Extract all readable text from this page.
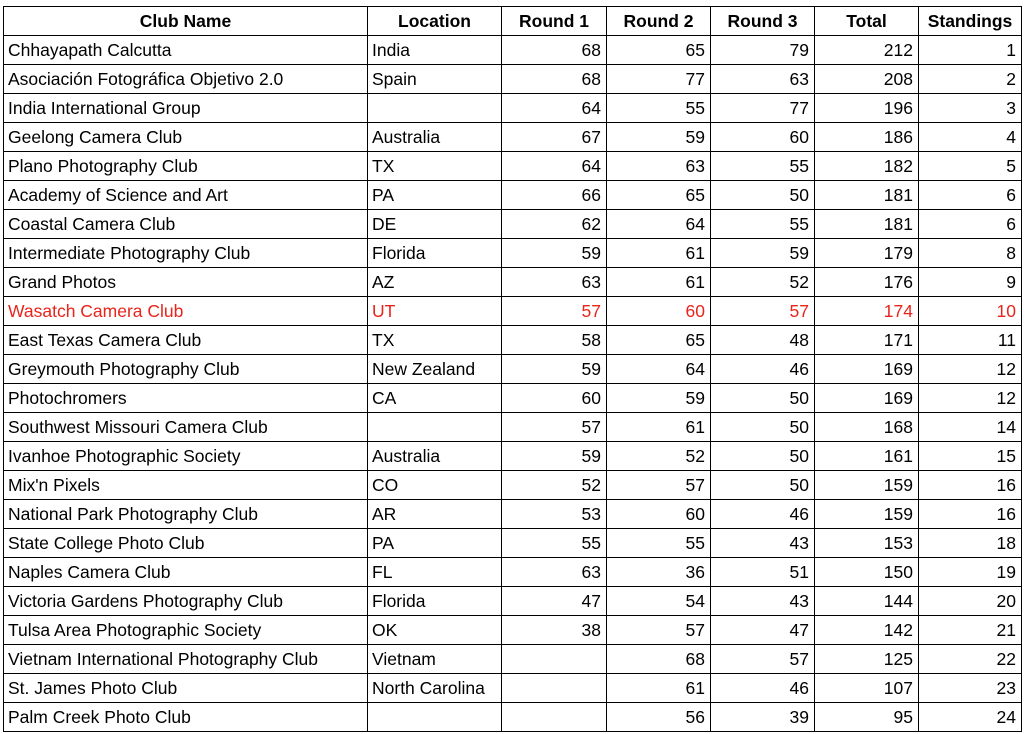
Club Name	Location	Round 1	Round 2	Round 3	Total	Standings
Chhayapath Calcutta	India	68	65	79	212	1
Asociación Fotográfica Objetivo 2.0	Spain	68	77	63	208	2
India International Group		64	55	77	196	3
Geelong Camera Club	Australia	67	59	60	186	4
Plano Photography Club	TX	64	63	55	182	5
Academy of Science and Art	PA	66	65	50	181	6
Coastal Camera Club	DE	62	64	55	181	6
Intermediate Photography Club	Florida	59	61	59	179	8
Grand Photos	AZ	63	61	52	176	9
Wasatch Camera Club	UT	57	60	57	174	10
East Texas Camera Club	TX	58	65	48	171	11
Greymouth Photography Club	New Zealand	59	64	46	169	12
Photochromers	CA	60	59	50	169	12
Southwest Missouri Camera Club		57	61	50	168	14
Ivanhoe Photographic Society	Australia	59	52	50	161	15
Mix'n Pixels	CO	52	57	50	159	16
National Park Photography Club	AR	53	60	46	159	16
State College Photo Club	PA	55	55	43	153	18
Naples Camera Club	FL	63	36	51	150	19
Victoria Gardens Photography Club	Florida	47	54	43	144	20
Tulsa Area Photographic Society	OK	38	57	47	142	21
Vietnam International Photography Club	Vietnam		68	57	125	22
St. James Photo Club	North Carolina		61	46	107	23
Palm Creek Photo Club			56	39	95	24
